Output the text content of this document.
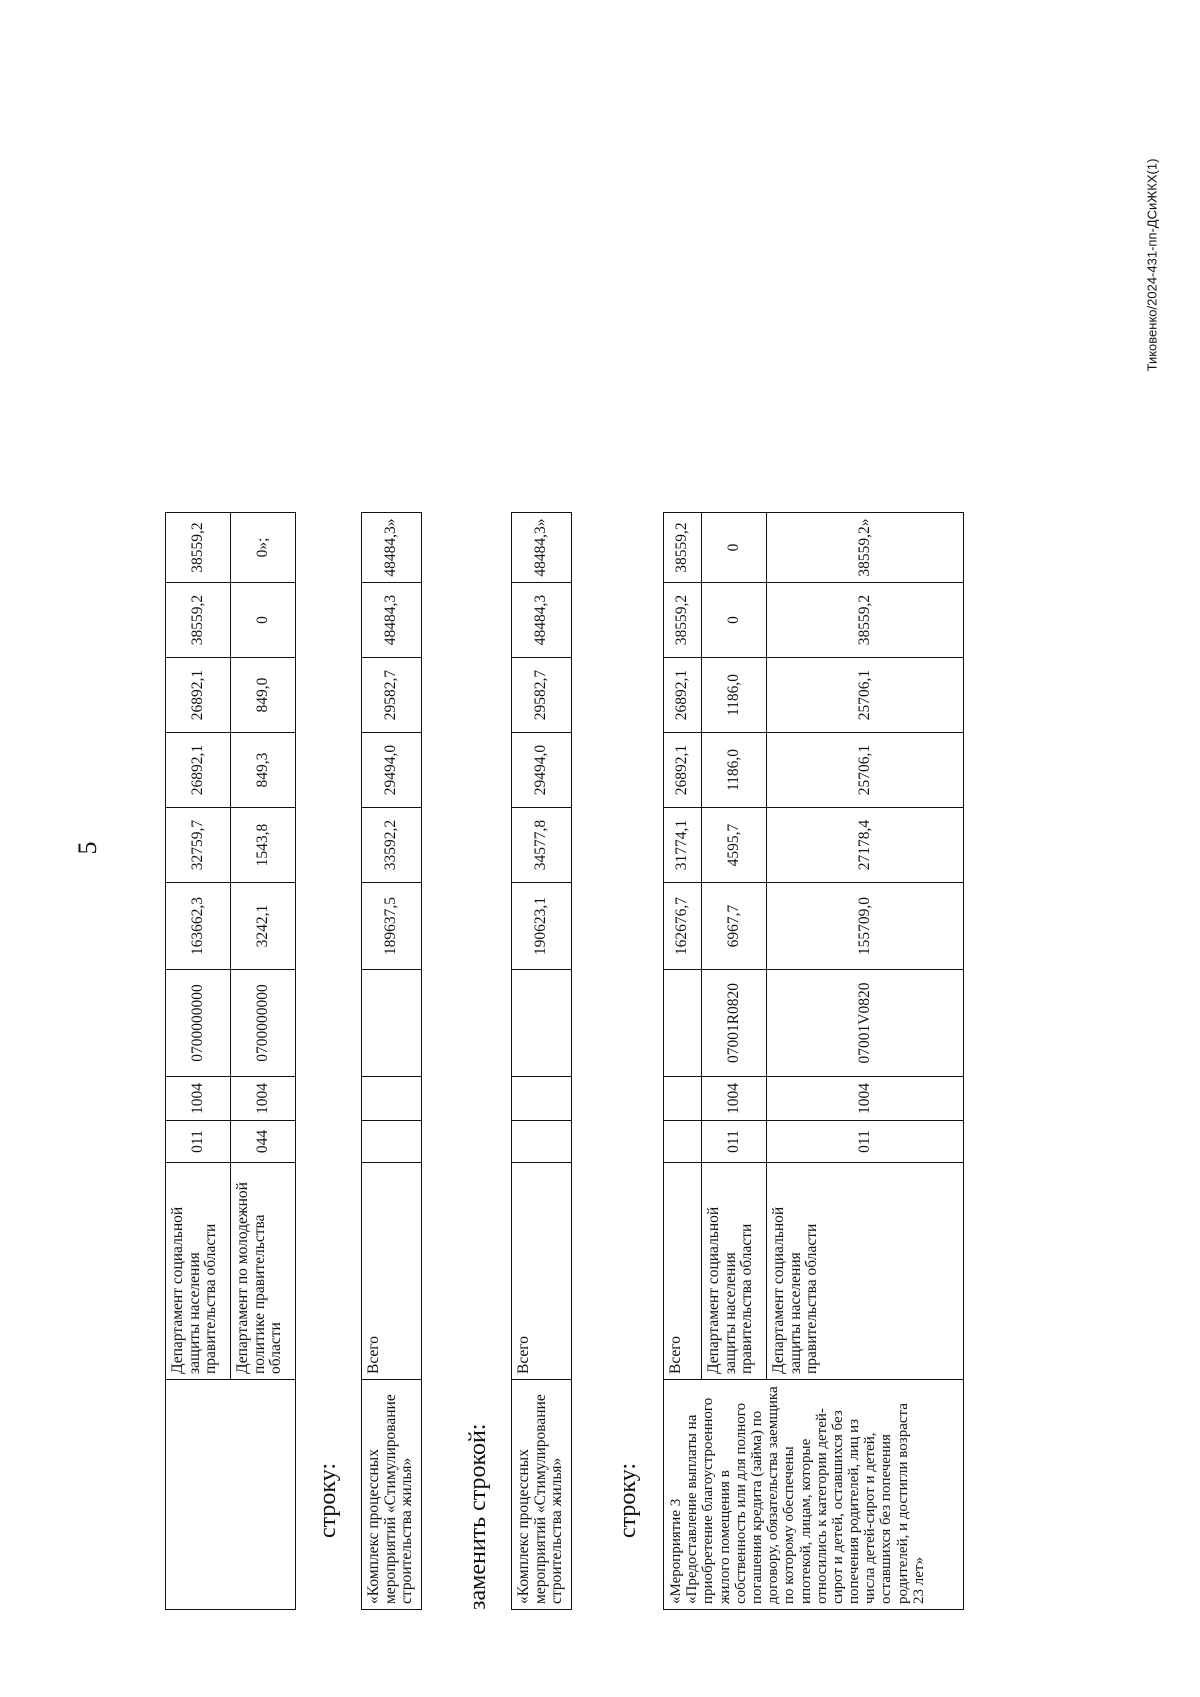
5
Тиковенко/2024-431-пп-ДСиЖКХ(1)
	Департамент социальной защиты населения правительства области	011	1004	0700000000	163662,3	32759,7	26892,1	26892,1	38559,2	38559,2
	Департамент по молодежной политике правительства области	044	1004	0700000000	3242,1	1543,8	849,3	849,0	0	0»;
строку: «Комплекс процессных мероприятий «Стимулирование строительства жилья»	Всего				189637,5	33592,2	29494,0	29582,7	48484,3	48484,3»
заменить строкой: «Комплекс процессных мероприятий «Стимулирование строительства жилья»	Всего				190623,1	34577,8	29494,0	29582,7	48484,3	48484,3»
строку: «Мероприятие 3 «Предоставление выплаты на приобретение благоустроенного жилого помещения в собственность или для полного погашения кредита (займа) по договору, обязательства заемщика по которому обеспечены ипотекой, лицам, которые относились к категории детей-сирот и детей, оставшихся без попечения родителей, лиц из числа детей-сирот и детей, оставшихся без попечения родителей, и достигли возраста 23 лет»	Всего				162676,7	31774,1	26892,1	26892,1	38559,2	38559,2
	Департамент социальной защиты населения правительства области	011	1004	07001R0820	6967,7	4595,7	1186,0	1186,0	0	0
	Департамент социальной защиты населения правительства области	011	1004	07001V0820	155709,0	27178,4	25706,1	25706,1	38559,2	38559,2»
